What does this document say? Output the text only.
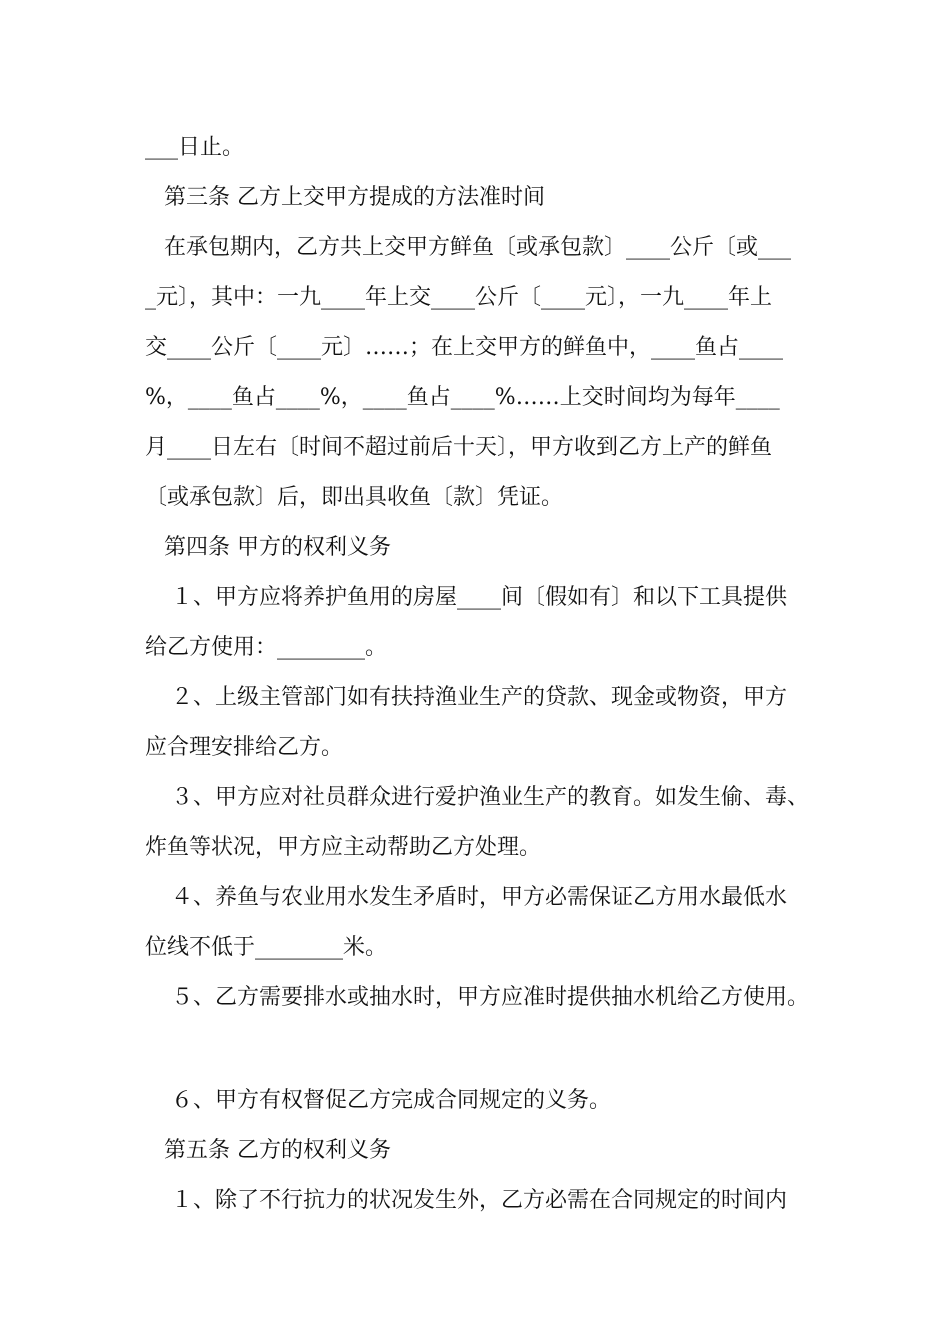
___日止。
第三条 乙方上交甲方提成的方法准时间
在承包期内，乙方共上交甲方鲜鱼〔或承包款〕____公斤〔或___
_元〕，其中：一九____年上交____公斤〔____元〕，一九____年上
交____公斤〔____元〕……；在上交甲方的鲜鱼中，____鱼占____
%，____鱼占____%，____鱼占____%……上交时间均为每年____
月____日左右〔时间不超过前后十天〕，甲方收到乙方上产的鲜鱼
〔或承包款〕后，即出具收鱼〔款〕凭证。
第四条 甲方的权利义务
１、甲方应将养护鱼用的房屋____间〔假如有〕和以下工具提供
给乙方使用：________。
２、上级主管部门如有扶持渔业生产的贷款、现金或物资，甲方
应合理安排给乙方。
３、甲方应对社员群众进行爱护渔业生产的教育。如发生偷、毒、
炸鱼等状况，甲方应主动帮助乙方处理。
４、养鱼与农业用水发生矛盾时，甲方必需保证乙方用水最低水
位线不低于________米。
５、乙方需要排水或抽水时，甲方应准时提供抽水机给乙方使用。
６、甲方有权督促乙方完成合同规定的义务。
第五条 乙方的权利义务
１、除了不行抗力的状况发生外，乙方必需在合同规定的时间内
